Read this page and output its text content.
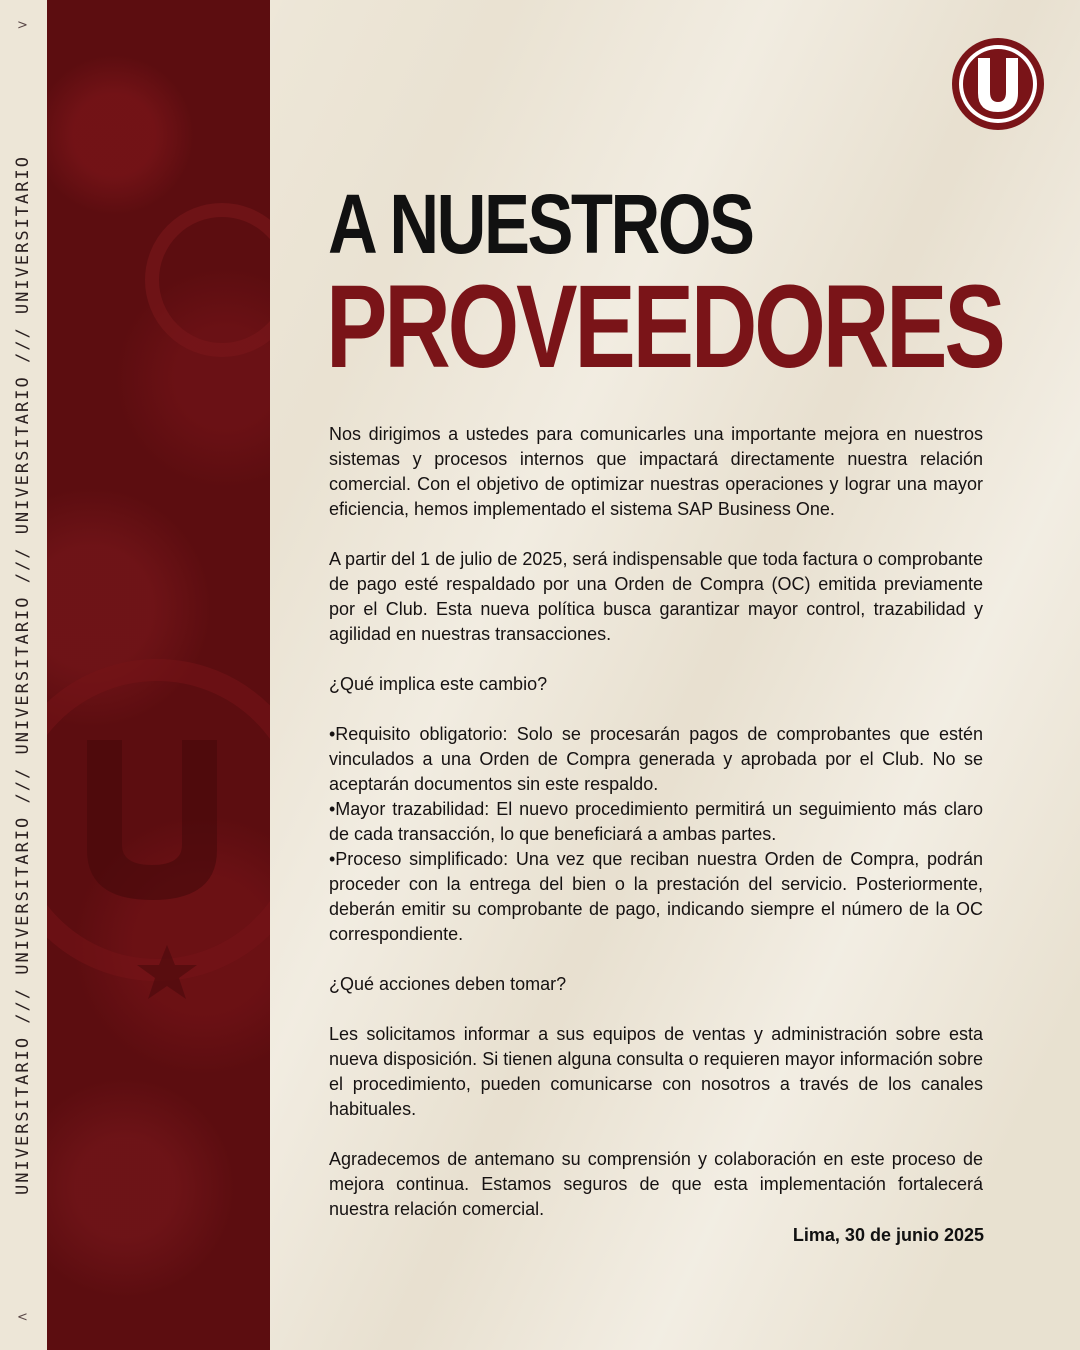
>
UNIVERSITARIO /// UNIVERSITARIO /// UNIVERSITARIO /// UNIVERSITARIO /// UNIVERSITARIO
<
A NUESTROS
PROVEEDORES

Nos dirigimos a ustedes para comunicarles una importante mejora en nuestros sistemas y procesos internos que impactará directamente nuestra relación comercial. Con el objetivo de optimizar nuestras operaciones y lograr una mayor eficiencia, hemos implementado el sistema SAP Business One.

A partir del 1 de julio de 2025, será indispensable que toda factura o comprobante de pago esté respaldado por una Orden de Compra (OC) emitida previamente por el Club. Esta nueva política busca garantizar mayor control, trazabilidad y agilidad en nuestras transacciones.

¿Qué implica este cambio?

•Requisito obligatorio: Solo se procesarán pagos de comprobantes que estén vinculados a una Orden de Compra generada y aprobada por el Club. No se aceptarán documentos sin este respaldo.

•Mayor trazabilidad: El nuevo procedimiento permitirá un seguimiento más claro de cada transacción, lo que beneficiará a ambas partes.

•Proceso simplificado: Una vez que reciban nuestra Orden de Compra, podrán proceder con la entrega del bien o la prestación del servicio. Posteriormente, deberán emitir su comprobante de pago, indicando siempre el número de la OC correspondiente.

¿Qué acciones deben tomar?

Les solicitamos informar a sus equipos de ventas y administración sobre esta nueva disposición. Si tienen alguna consulta o requieren mayor información sobre el procedimiento, pueden comunicarse con nosotros a través de los canales habituales.

Agradecemos de antemano su comprensión y colaboración en este proceso de mejora continua. Estamos seguros de que esta implementación fortalecerá nuestra relación comercial.

Lima, 30 de junio 2025
